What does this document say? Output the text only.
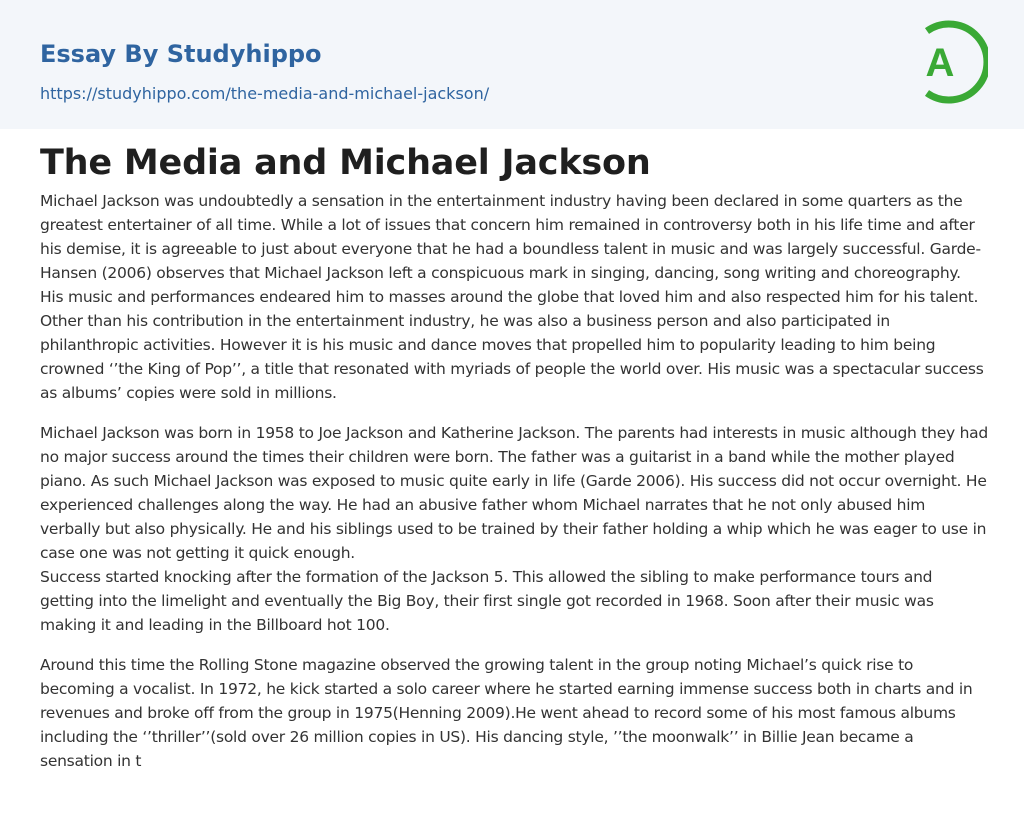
Essay By Studyhippo
https://studyhippo.com/the-media-and-michael-jackson/
A
The Media and Michael Jackson

Michael Jackson was undoubtedly a sensation in the entertainment industry having been declared in some quarters as the greatest entertainer of all time. While a lot of issues that concern him remained in controversy both in his life time and after his demise, it is agreeable to just about everyone that he had a boundless talent in music and was largely successful. Garde-Hansen (2006) observes that Michael Jackson left a conspicuous mark in singing, dancing, song writing and choreography. His music and performances endeared him to masses around the globe that loved him and also respected him for his talent. Other than his contribution in the entertainment industry, he was also a business person and also participated in philanthropic activities. However it is his music and dance moves that propelled him to popularity leading to him being crowned ‘’the King of Pop’’, a title that resonated with myriads of people the world over. His music was a spectacular success as albums’ copies were sold in millions.

Michael Jackson was born in 1958 to Joe Jackson and Katherine Jackson. The parents had interests in music although they had no major success around the times their children were born. The father was a guitarist in a band while the mother played piano. As such Michael Jackson was exposed to music quite early in life (Garde 2006). His success did not occur overnight. He experienced challenges along the way. He had an abusive father whom Michael narrates that he not only abused him verbally but also physically. He and his siblings used to be trained by their father holding a whip which he was eager to use in case one was not getting it quick enough.

Success started knocking after the formation of the Jackson 5. This allowed the sibling to make performance tours and getting into the limelight and eventually the Big Boy, their first single got recorded in 1968. Soon after their music was making it and leading in the Billboard hot 100.

Around this time the Rolling Stone magazine observed the growing talent in the group noting Michael’s quick rise to becoming a vocalist. In 1972, he kick started a solo career where he started earning immense success both in charts and in revenues and broke off from the group in 1975(Henning 2009).He went ahead to record some of his most famous albums including the ‘’thriller’’(sold over 26 million copies in US). His dancing style, ’’the moonwalk’’ in Billie Jean became a sensation in t
